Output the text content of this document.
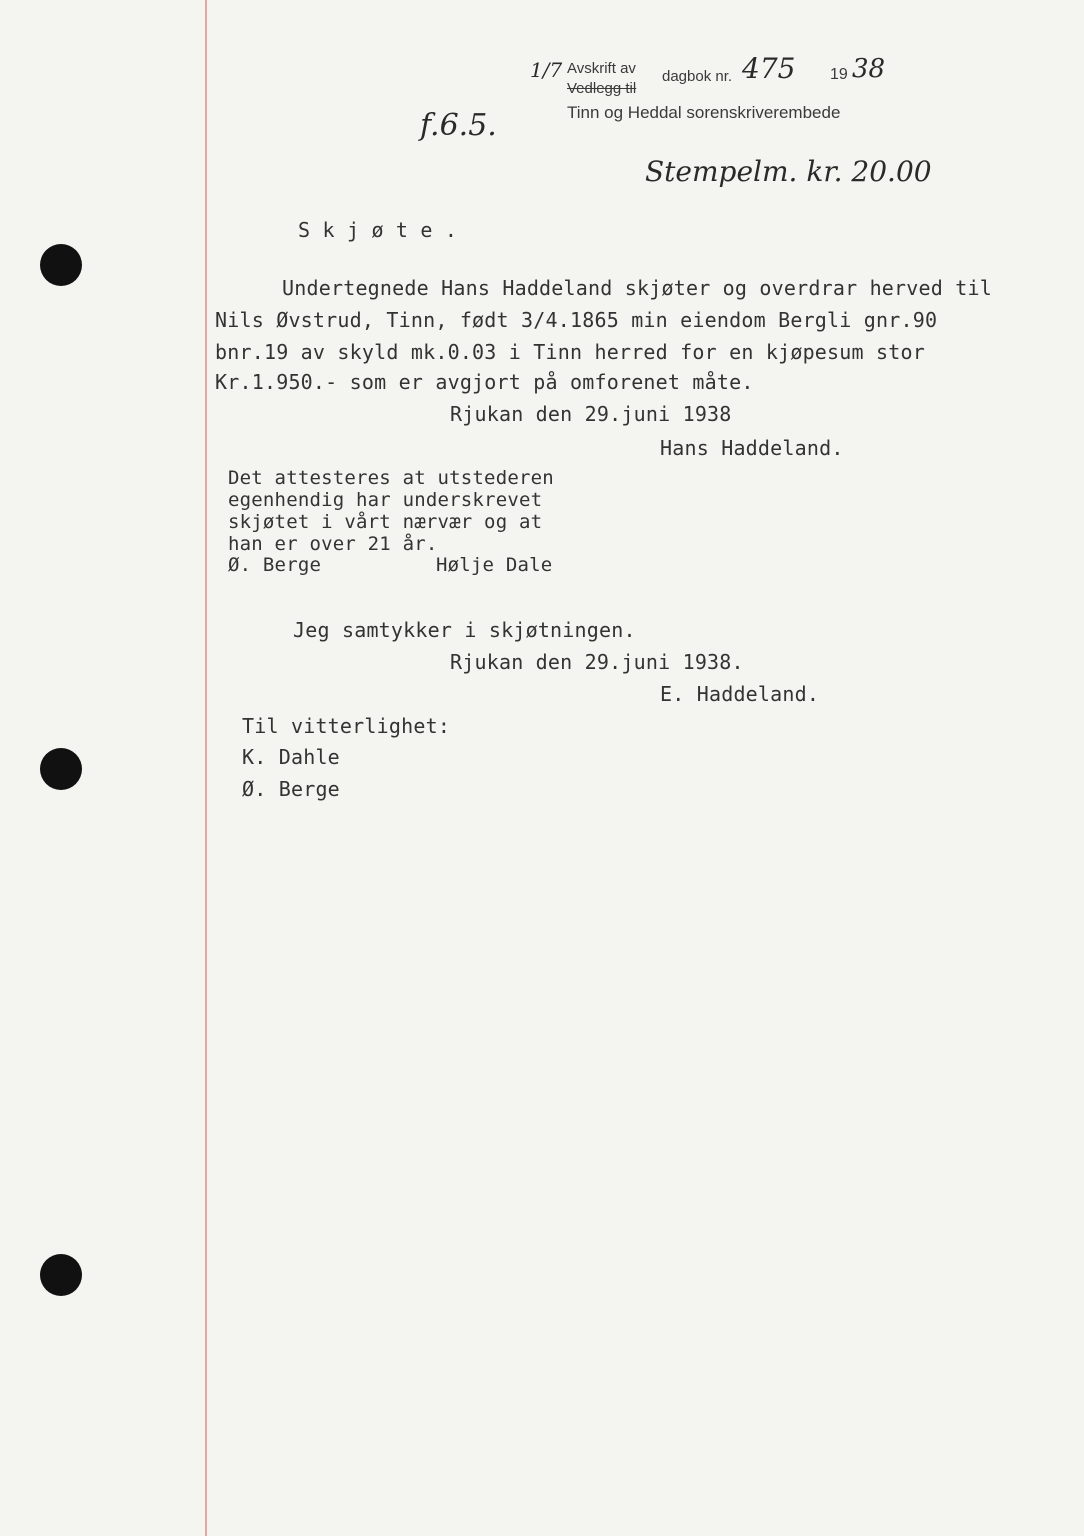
1/7 Avskrift av
Vedlegg til
dagbok nr. 475 19 38
Tinn og Heddal sorenskriverembede
f.6.5.
Stempelm. kr. 20.00
S k j ø t e .
Undertegnede Hans Haddeland skjøter og overdrar herved til
Nils Øvstrud, Tinn, født 3/4.1865 min eiendom Bergli gnr.90
bnr.19 av skyld mk.0.03 i Tinn herred for en kjøpesum stor
Kr.1.950.- som er avgjort på omforenet måte.
Rjukan den 29.juni 1938
Hans Haddeland.
Det attesteres at utstederen
egenhendig har underskrevet
skjøtet i vårt nærvær og at
han er over 21 år.
Ø. Berge	Hølje Dale
Jeg samtykker i skjøtningen.
Rjukan den 29.juni 1938.
E. Haddeland.
Til vitterlighet:
K. Dahle
Ø. Berge
